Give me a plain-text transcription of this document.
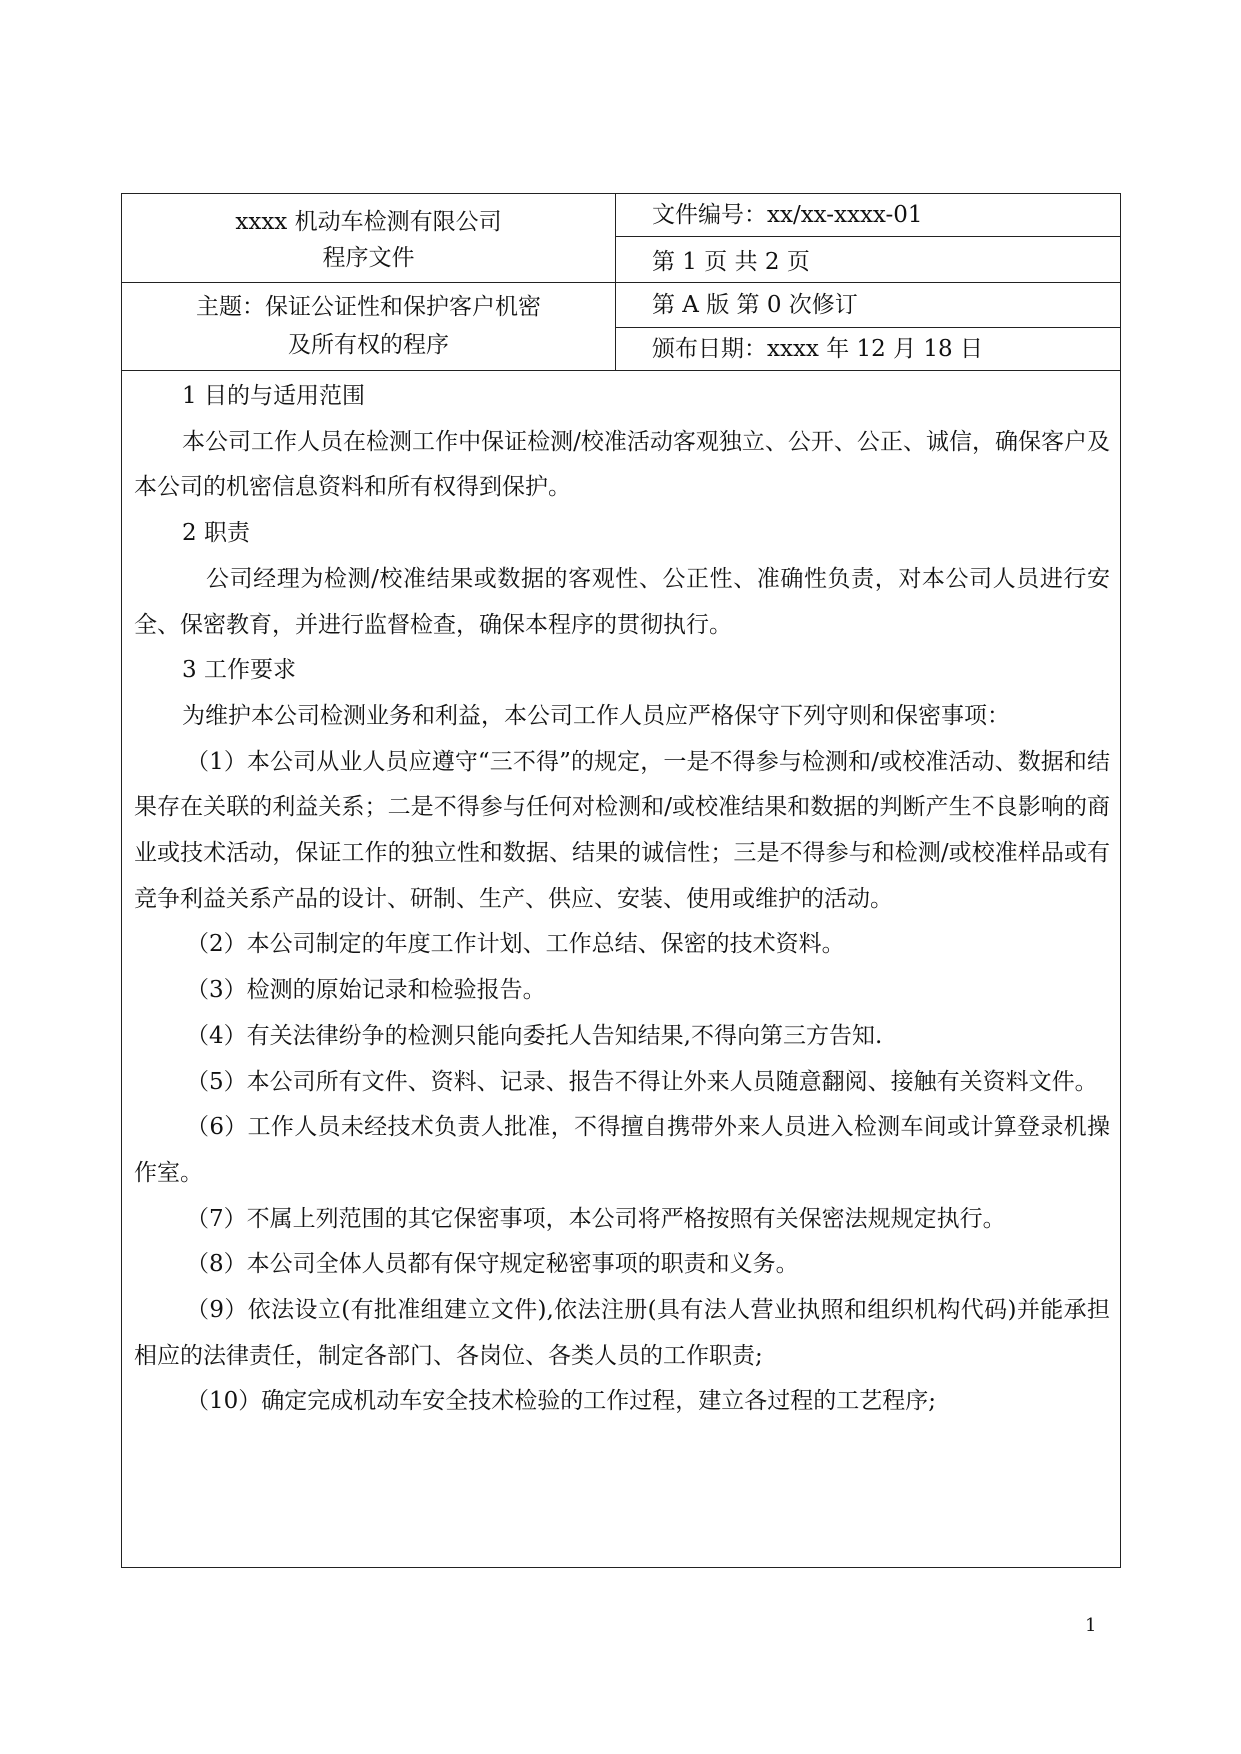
xxxx 机动车检测有限公司
程序文件
文件编号：xx/xx-xxxx-01
第 1 页 共 2 页
主题：保证公证性和保护客户机密
及所有权的程序
第 A 版 第 0 次修订
颁布日期：xxxx 年 12 月 18 日

1 目的与适用范围

本公司工作人员在检测工作中保证检测/校准活动客观独立、公开、公正、诚信，确保客户及本公司的机密信息资料和所有权得到保护。

2 职责

公司经理为检测/校准结果或数据的客观性、公正性、准确性负责，对本公司人员进行安全、保密教育，并进行监督检查，确保本程序的贯彻执行。

3 工作要求

为维护本公司检测业务和利益，本公司工作人员应严格保守下列守则和保密事项：

（1）本公司从业人员应遵守“三不得”的规定，一是不得参与检测和/或校准活动、数据和结果存在关联的利益关系；二是不得参与任何对检测和/或校准结果和数据的判断产生不良影响的商业或技术活动，保证工作的独立性和数据、结果的诚信性；三是不得参与和检测/或校准样品或有竞争利益关系产品的设计、研制、生产、供应、安装、使用或维护的活动。

（2）本公司制定的年度工作计划、工作总结、保密的技术资料。

（3）检测的原始记录和检验报告。

（4）有关法律纷争的检测只能向委托人告知结果,不得向第三方告知.

（5）本公司所有文件、资料、记录、报告不得让外来人员随意翻阅、接触有关资料文件。

（6）工作人员未经技术负责人批准，不得擅自携带外来人员进入检测车间或计算登录机操作室。

（7）不属上列范围的其它保密事项，本公司将严格按照有关保密法规规定执行。

（8）本公司全体人员都有保守规定秘密事项的职责和义务。

（9）依法设立(有批准组建立文件),依法注册(具有法人营业执照和组织机构代码)并能承担相应的法律责任，制定各部门、各岗位、各类人员的工作职责;

（10）确定完成机动车安全技术检验的工作过程，建立各过程的工艺程序;

1
